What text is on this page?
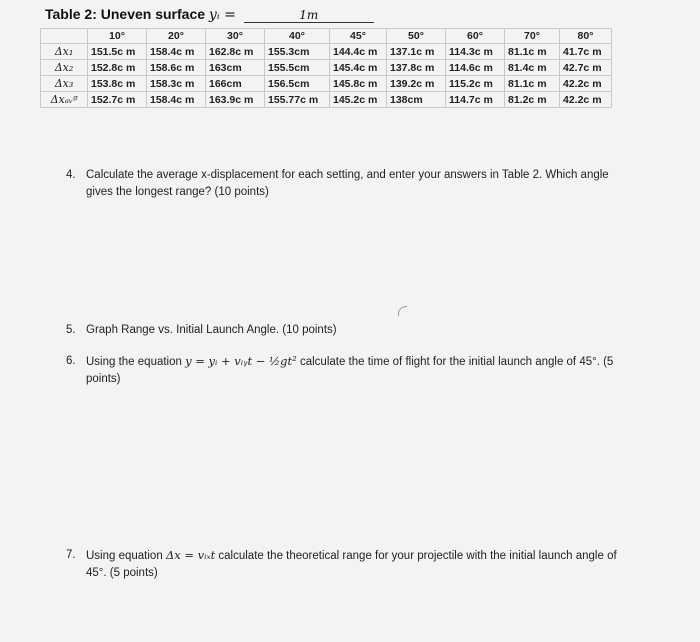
Table 2: Uneven surface yᵢ =	1m
	10°	20°	30°	40°	45°	50°	60°	70°	80°
Δx₁	151.5c m	158.4c m	162.8c m	155.3cm	144.4c m	137.1c m	114.3c m	81.1c m	41.7c m
Δx₂	152.8c m	158.6c m	163cm	155.5cm	145.4c m	137.8c m	114.6c m	81.4c m	42.7c m
Δx₃	153.8c m	158.3c m	166cm	156.5cm	145.8c m	139.2c m	115.2c m	81.1c m	42.2c m
Δxₐᵥᵍ	152.7c m	158.4c m	163.9c m	155.77c m	145.2c m	138cm	114.7c m	81.2c m	42.2c m
4. Calculate the average x-displacement for each setting, and enter your answers in Table 2. Which angle gives the longest range? (10 points)
5. Graph Range vs. Initial Launch Angle. (10 points)
6. Using the equation y = yᵢ + vᵢᵧt − ½gt² calculate the time of flight for the initial launch angle of 45°. (5 points)
7. Using equation Δx = vᵢₓt calculate the theoretical range for your projectile with the initial launch angle of 45°. (5 points)
